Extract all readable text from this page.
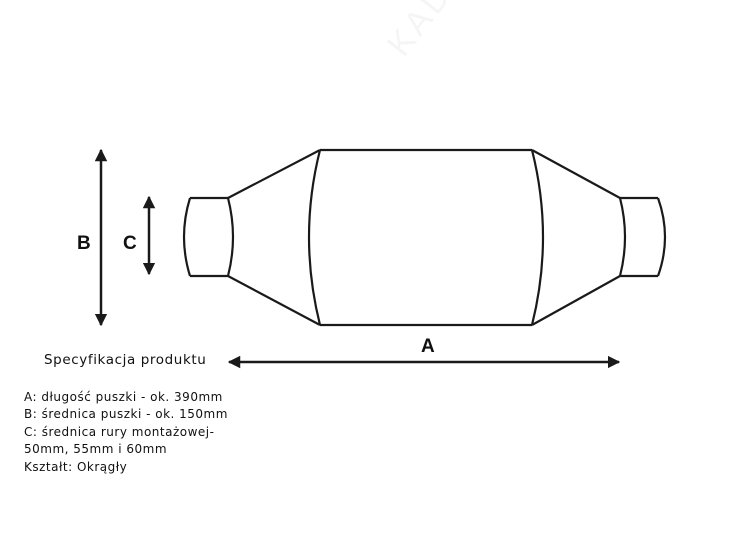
B C
A
Specyfikacja produktu
A: długość puszki - ok. 390mm
B: średnica puszki - ok. 150mm
C: średnica rury montażowej-
50mm, 55mm i 60mm
Kształt: Okrągły
